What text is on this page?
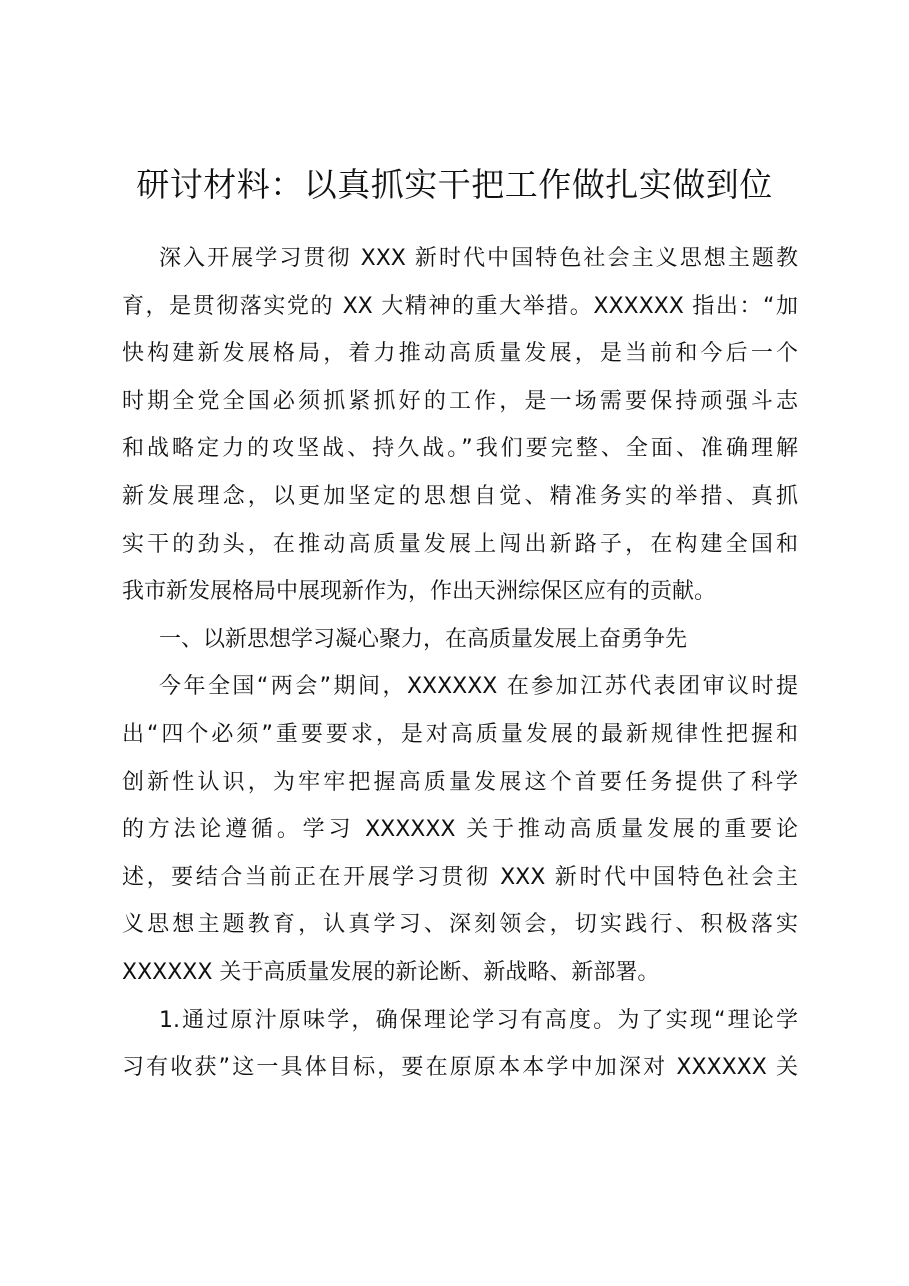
研讨材料：以真抓实干把工作做扎实做到位
深入开展学习贯彻 XXX 新时代中国特色社会主义思想主题教
育，是贯彻落实党的 XX 大精神的重大举措。XXXXXX 指出：“加
快构建新发展格局，着力推动高质量发展，是当前和今后一个
时期全党全国必须抓紧抓好的工作，是一场需要保持顽强斗志
和战略定力的攻坚战、持久战。”我们要完整、全面、准确理解
新发展理念，以更加坚定的思想自觉、精准务实的举措、真抓
实干的劲头，在推动高质量发展上闯出新路子，在构建全国和
我市新发展格局中展现新作为，作出天洲综保区应有的贡献。
一、以新思想学习凝心聚力，在高质量发展上奋勇争先
今年全国“两会”期间，XXXXXX 在参加江苏代表团审议时提
出“四个必须”重要要求，是对高质量发展的最新规律性把握和
创新性认识，为牢牢把握高质量发展这个首要任务提供了科学
的方法论遵循。学习 XXXXXX 关于推动高质量发展的重要论
述，要结合当前正在开展学习贯彻 XXX 新时代中国特色社会主
义思想主题教育，认真学习、深刻领会，切实践行、积极落实
XXXXXX 关于高质量发展的新论断、新战略、新部署。
1.通过原汁原味学，确保理论学习有高度。为了实现“理论学
习有收获”这一具体目标，要在原原本本学中加深对 XXXXXX 关
